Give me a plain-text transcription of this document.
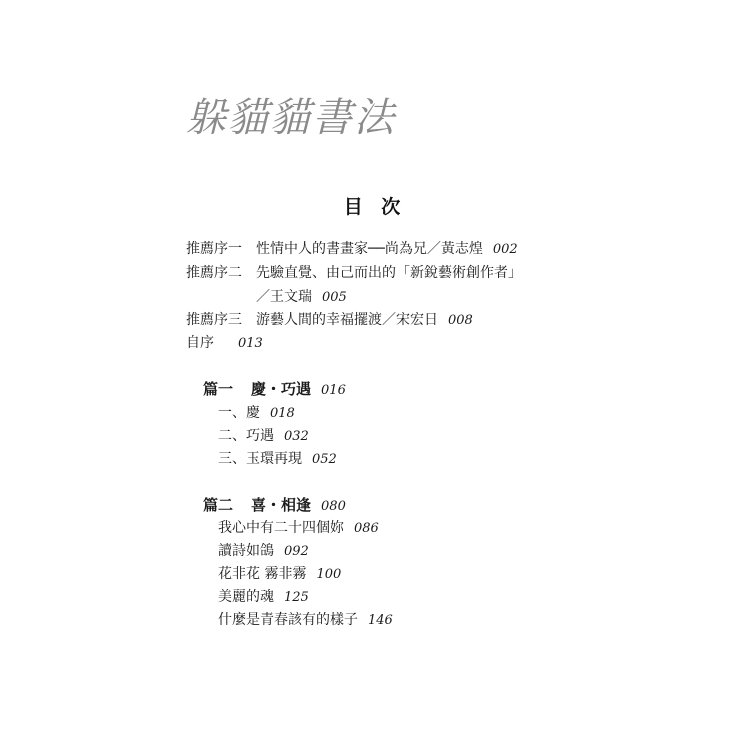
躲貓貓書法
目 次
推薦序一 性情中人的書畫家──尚為兄／黃志煌 002
推薦序二 先驗直覺、由己而出的「新銳藝術創作者」
／王文瑞 005
推薦序三 游藝人間的幸福擺渡／宋宏日 008
自序 013
篇一 慶・巧遇 016
一、慶 018
二、巧遇 032
三、玉環再現 052
篇二 喜・相逢 080
我心中有二十四個妳 086
讀詩如鴿 092
花非花 霧非霧 100
美麗的魂 125
什麼是青春該有的樣子 146
